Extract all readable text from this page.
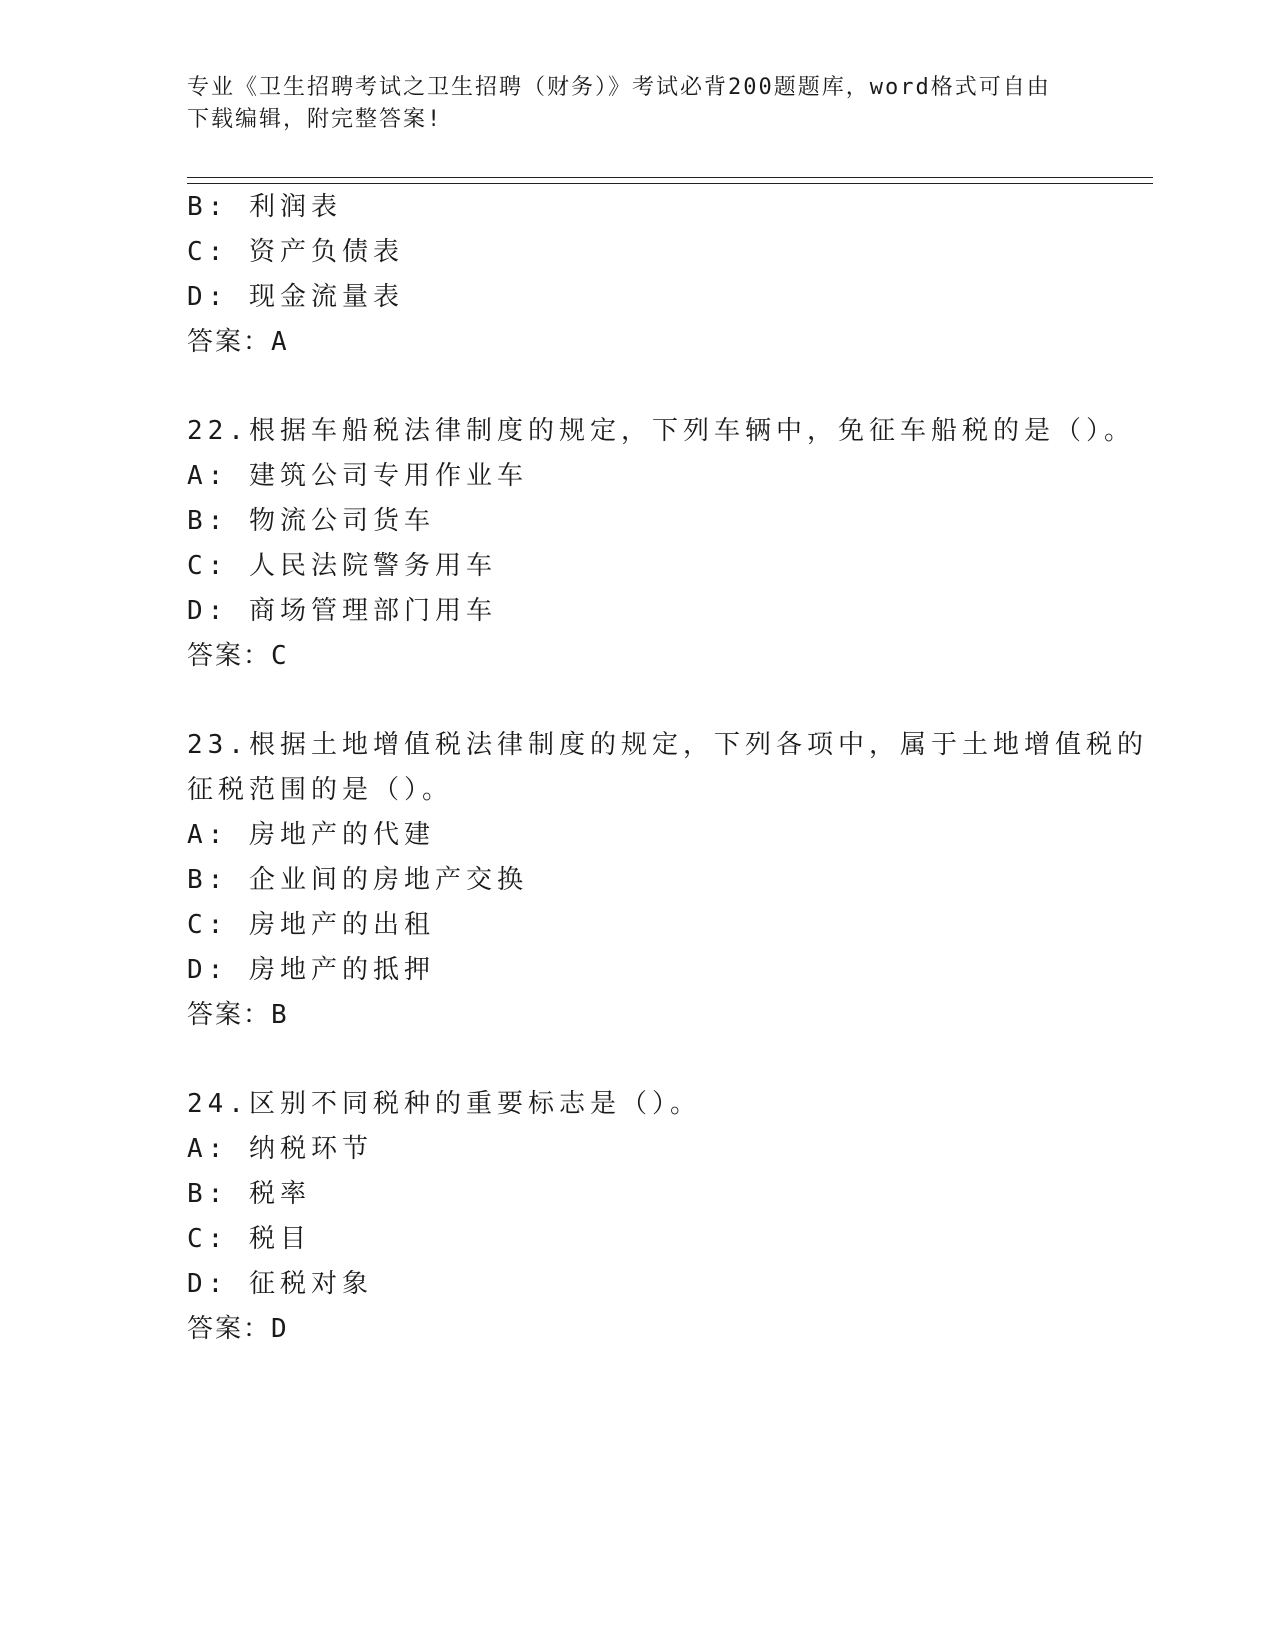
专业《卫生招聘考试之卫生招聘（财务）》考试必背200题题库，word格式可自由下载编辑，附完整答案!
B: 利润表
C: 资产负债表
D: 现金流量表
答案：A
22.根据车船税法律制度的规定，下列车辆中，免征车船税的是（）。
A: 建筑公司专用作业车
B: 物流公司货车
C: 人民法院警务用车
D: 商场管理部门用车
答案：C
23.根据土地增值税法律制度的规定，下列各项中，属于土地增值税的
征税范围的是（）。
A: 房地产的代建
B: 企业间的房地产交换
C: 房地产的出租
D: 房地产的抵押
答案：B
24.区别不同税种的重要标志是（）。
A: 纳税环节
B: 税率
C: 税目
D: 征税对象
答案：D
